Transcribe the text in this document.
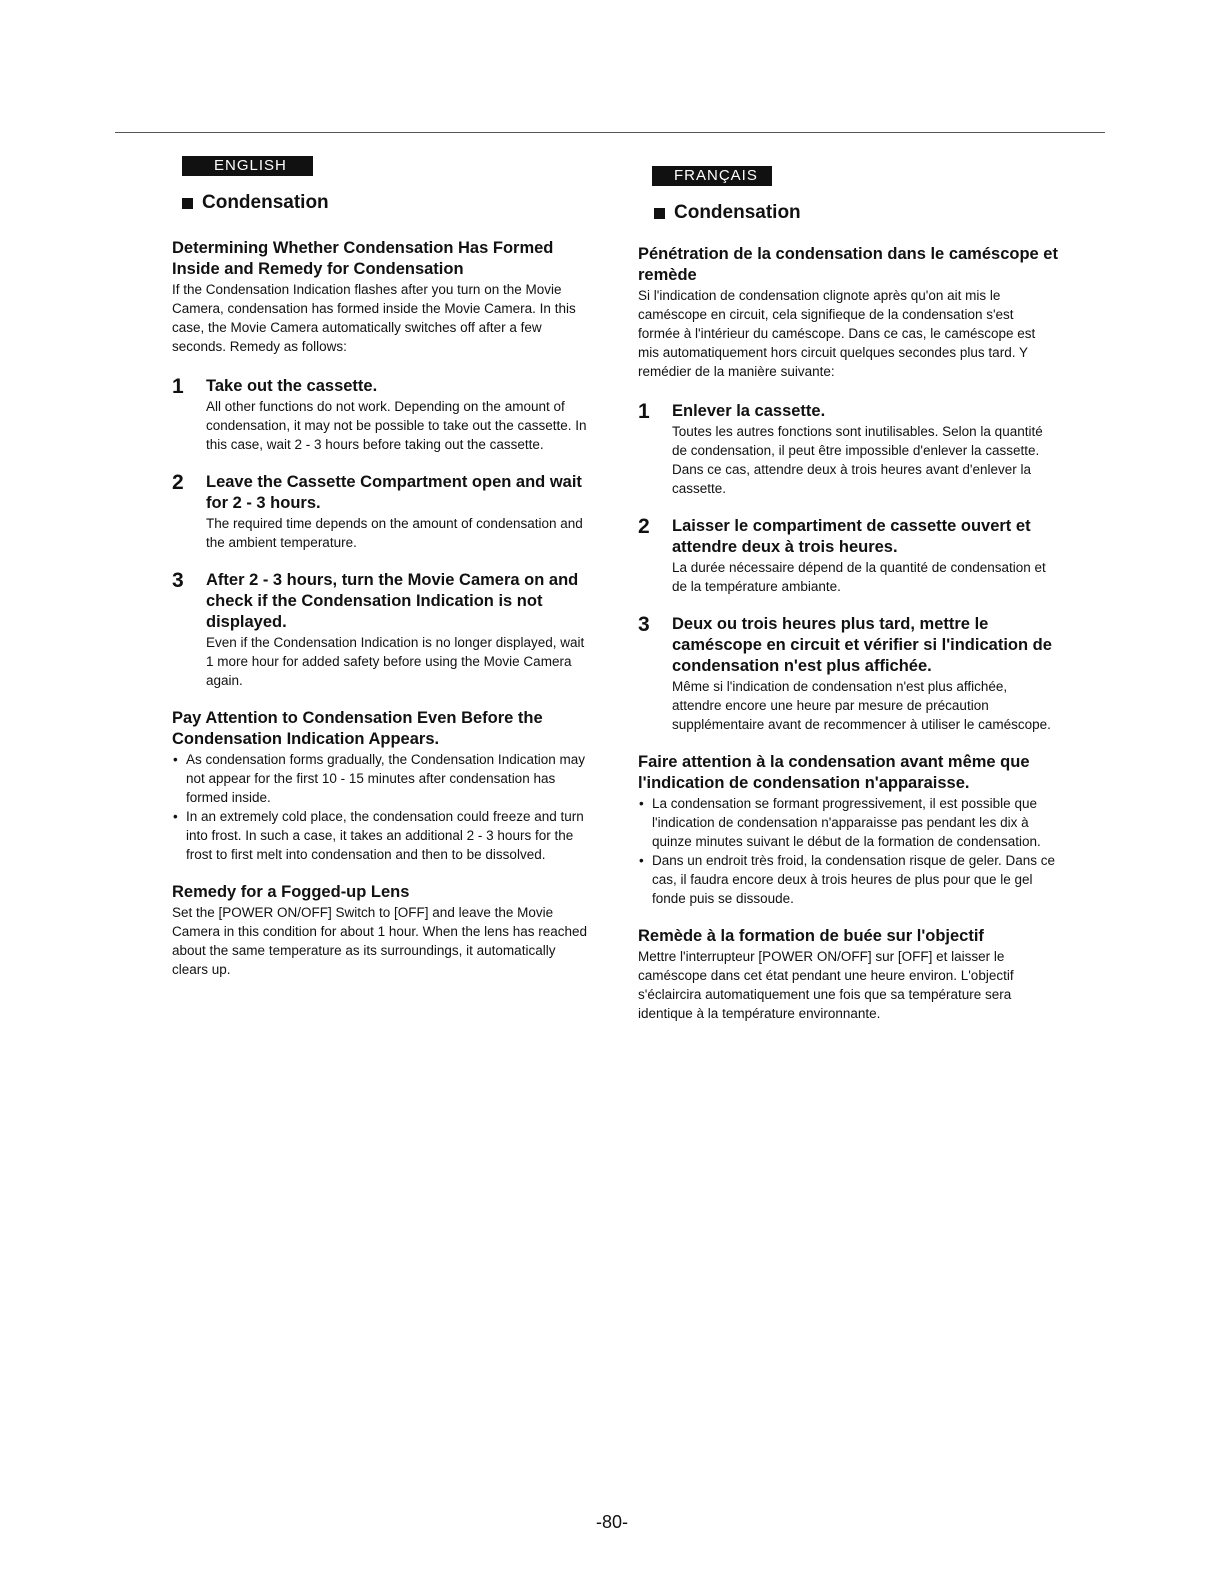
ENGLISH
Condensation
Determining Whether Condensation Has Formed Inside and Remedy for Condensation
If the Condensation Indication flashes after you turn on the Movie Camera, condensation has formed inside the Movie Camera. In this case, the Movie Camera automatically switches off after a few seconds. Remedy as follows:
1	Take out the cassette.
All other functions do not work. Depending on the amount of condensation, it may not be possible to take out the cassette. In this case, wait 2 - 3 hours before taking out the cassette.
2	Leave the Cassette Compartment open and wait for 2 - 3 hours.
The required time depends on the amount of condensation and the ambient temperature.
3	After 2 - 3 hours, turn the Movie Camera on and check if the Condensation Indication is not displayed.
Even if the Condensation Indication is no longer displayed, wait 1 more hour for added safety before using the Movie Camera again.
Pay Attention to Condensation Even Before the Condensation Indication Appears.
• As condensation forms gradually, the Condensation Indication may not appear for the first 10 - 15 minutes after condensation has formed inside.
• In an extremely cold place, the condensation could freeze and turn into frost. In such a case, it takes an additional 2 - 3 hours for the frost to first melt into condensation and then to be dissolved.
Remedy for a Fogged-up Lens
Set the [POWER ON/OFF] Switch to [OFF] and leave the Movie Camera in this condition for about 1 hour. When the lens has reached about the same temperature as its surroundings, it automatically clears up.
FRANÇAIS
Condensation
Pénétration de la condensation dans le caméscope et remède
Si l'indication de condensation clignote après qu'on ait mis le caméscope en circuit, cela signifieque de la condensation s'est formée à l'intérieur du caméscope. Dans ce cas, le caméscope est mis automatiquement hors circuit quelques secondes plus tard. Y remédier de la manière suivante:
1	Enlever la cassette.
Toutes les autres fonctions sont inutilisables. Selon la quantité de condensation, il peut être impossible d'enlever la cassette. Dans ce cas, attendre deux à trois heures avant d'enlever la cassette.
2	Laisser le compartiment de cassette ouvert et attendre deux à trois heures.
La durée nécessaire dépend de la quantité de condensation et de la température ambiante.
3	Deux ou trois heures plus tard, mettre le caméscope en circuit et vérifier si l'indication de condensation n'est plus affichée.
Même si l'indication de condensation n'est plus affichée, attendre encore une heure par mesure de précaution supplémentaire avant de recommencer à utiliser le caméscope.
Faire attention à la condensation avant même que l'indication de condensation n'apparaisse.
• La condensation se formant progressivement, il est possible que l'indication de condensation n'apparaisse pas pendant les dix à quinze minutes suivant le début de la formation de condensation.
• Dans un endroit très froid, la condensation risque de geler. Dans ce cas, il faudra encore deux à trois heures de plus pour que le gel fonde puis se dissoude.
Remède à la formation de buée sur l'objectif
Mettre l'interrupteur [POWER ON/OFF] sur [OFF] et laisser le caméscope dans cet état pendant une heure environ. L'objectif s'éclaircira automatiquement une fois que sa température sera identique à la température environnante.
-80-
